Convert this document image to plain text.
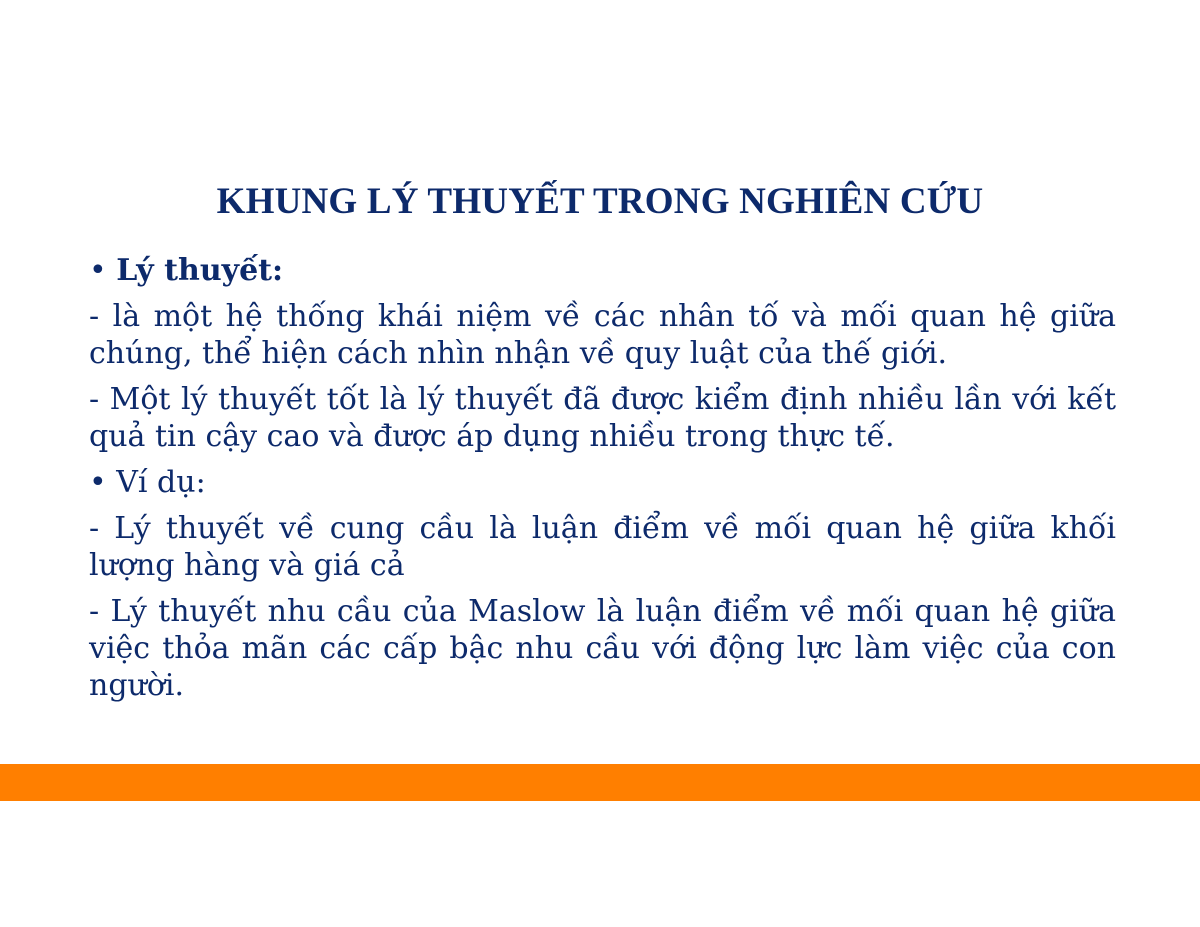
KHUNG LÝ THUYẾT TRONG NGHIÊN CỨU

• Lý thuyết:

- là một hệ thống khái niệm về các nhân tố và mối quan hệ giữa chúng, thể hiện cách nhìn nhận về quy luật của thế giới.

- Một lý thuyết tốt là lý thuyết đã được kiểm định nhiều lần với kết quả tin cậy cao và được áp dụng nhiều trong thực tế.

• Ví dụ:

- Lý thuyết về cung cầu là luận điểm về mối quan hệ giữa khối lượng hàng và giá cả

- Lý thuyết nhu cầu của Maslow là luận điểm về mối quan hệ giữa việc thỏa mãn các cấp bậc nhu cầu với động lực làm việc của con người.
